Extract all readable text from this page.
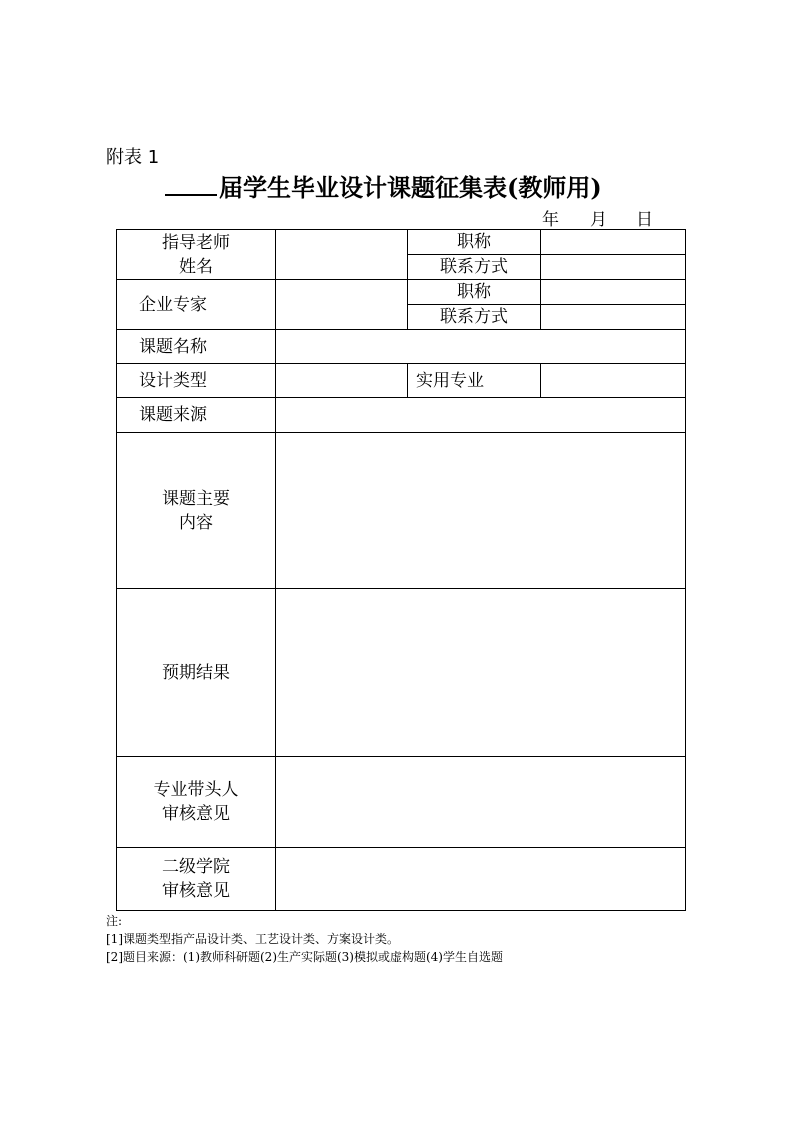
附表 1
届学生毕业设计课题征集表(教师用)
年 月 日
指导老师
姓名		职称	
		联系方式	
企业专家		职称	
		联系方式	
课题名称			
设计类型		实用专业	
课题来源			

课题主要
内容			

预期结果			

专业带头人
审核意见			

二级学院
审核意见			

注:
[1]课题类型指产品设计类、工艺设计类、方案设计类。
[2]题目来源：(1)教师科研题(2)生产实际题(3)模拟或虚构题(4)学生自选题
